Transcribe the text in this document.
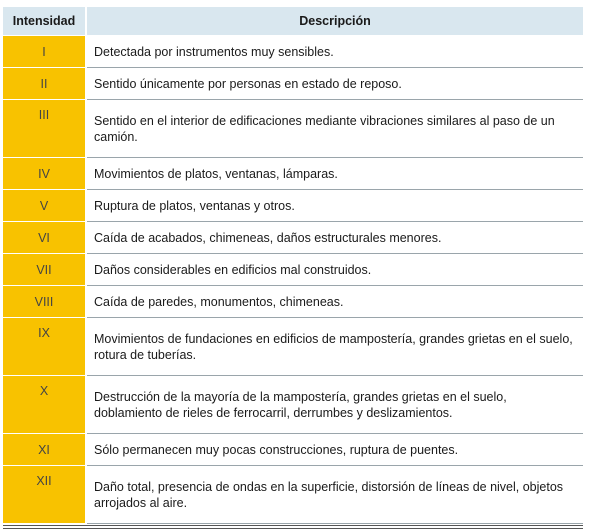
Intensidad	Descripción
I	Detectada por instrumentos muy sensibles.
II	Sentido únicamente por personas en estado de reposo.
III	Sentido en el interior de edificaciones mediante vibraciones similares al paso de un camión.
IV	Movimientos de platos, ventanas, lámparas.
V	Ruptura de platos, ventanas y otros.
VI	Caída de acabados, chimeneas, daños estructurales menores.
VII	Daños considerables en edificios mal construidos.
VIII	Caída de paredes, monumentos, chimeneas.
IX	Movimientos de fundaciones en edificios de mampostería, grandes grietas en el suelo, rotura de tuberías.
X	Destrucción de la mayoría de la mampostería, grandes grietas en el suelo, doblamiento de rieles de ferrocarril, derrumbes y deslizamientos.
XI	Sólo permanecen muy pocas construcciones, ruptura de puentes.
XII	Daño total, presencia de ondas en la superficie, distorsión de líneas de nivel, objetos arrojados al aire.
